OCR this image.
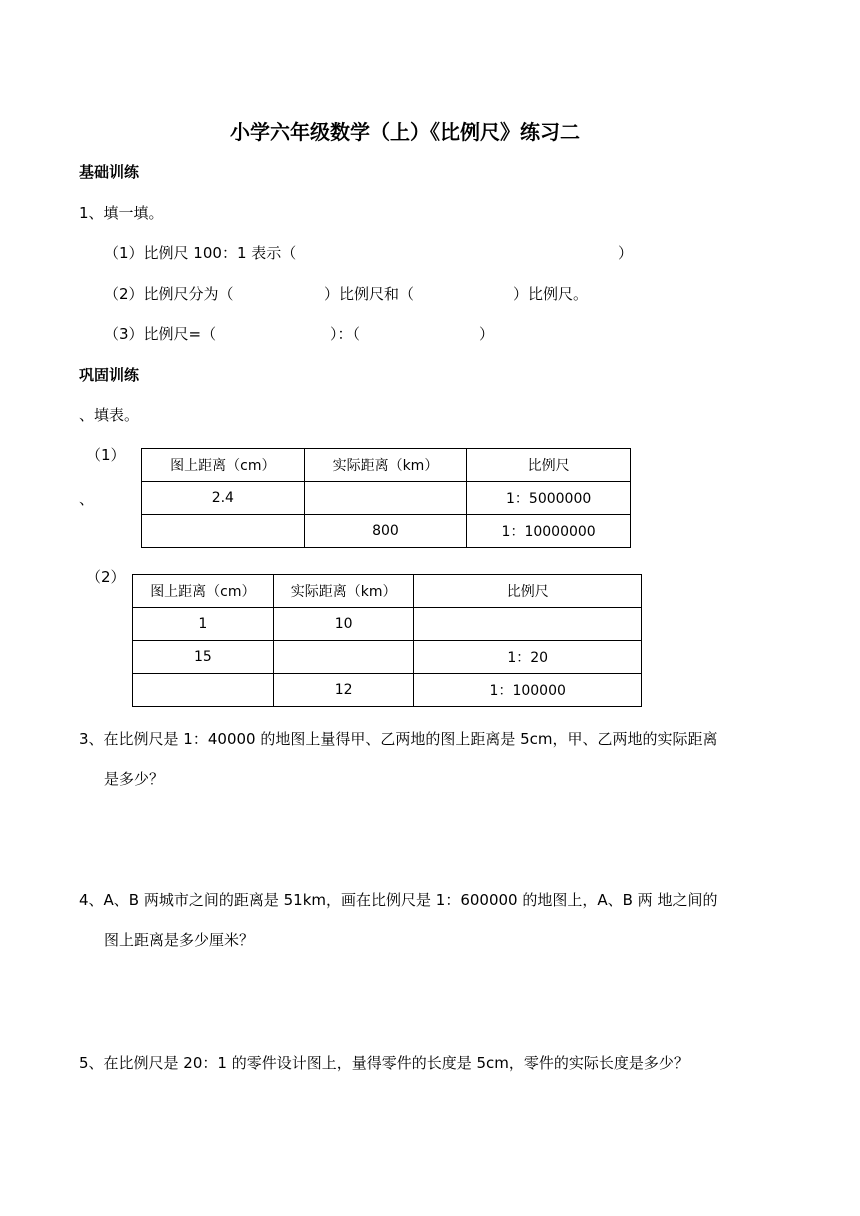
小学六年级数学（上）《比例尺》练习二
基础训练
1、填一填。
（1）比例尺 100：1 表示（	）
（2）比例尺分为（	）比例尺和（	）比例尺。
（3）比例尺=（	）：（	）
巩固训练
、填表。
（1）
、
图上距离（cm）	实际距离（km）	比例尺
2.4		1：5000000
	800	1：10000000
（2）
图上距离（cm）	实际距离（km）	比例尺
1	10	
15		1：20
	12	1：100000
3、在比例尺是 1：40000 的地图上量得甲、乙两地的图上距离是 5cm，甲、乙两地的实际距离
是多少？
4、A、B 两城市之间的距离是 51km，画在比例尺是 1：600000 的地图上，A、B 两 地之间的
图上距离是多少厘米？
5、在比例尺是 20：1 的零件设计图上，量得零件的长度是 5cm，零件的实际长度是多少？
